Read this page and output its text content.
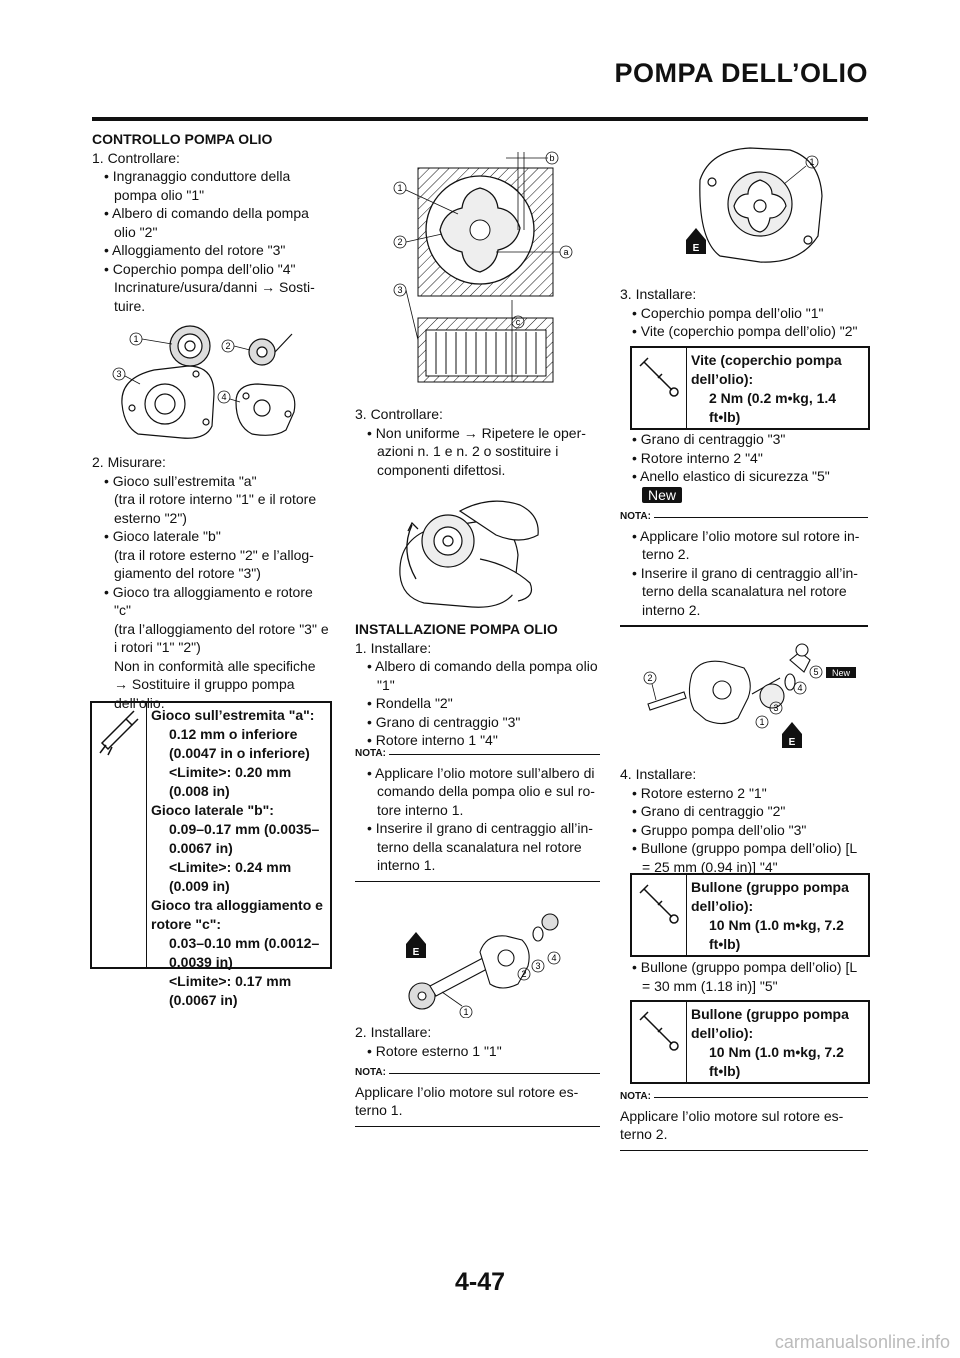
POMPA DELL’OLIO
CONTROLLO POMPA OLIO
1. Controllare:
• Ingranaggio conduttore della pompa olio "1"
• Albero di comando della pompa olio "2"
• Alloggiamento del rotore "3"
• Coperchio pompa dell’olio "4"
Incrinature/usura/danni → Sosti-tuire.
1
2
3
4
2. Misurare:
• Gioco sull’estremita "a"
(tra il rotore interno "1" e il rotore esterno "2")
• Gioco laterale "b"
(tra il rotore esterno "2" e l’allog-giamento del rotore "3")
• Gioco tra alloggiamento e rotore "c"
(tra l’alloggiamento del rotore "3" e i rotori "1" "2")
Non in conformità alle specifiche
→ Sostituire il gruppo pompa dell’olio.
Gioco sull’estremita "a":
0.12 mm o inferiore (0.0047 in o inferiore)
<Limite>: 0.20 mm (0.008 in)
Gioco laterale "b":
0.09–0.17 mm (0.0035–0.0067 in)
<Limite>: 0.24 mm (0.009 in)
Gioco tra alloggiamento e rotore "c":
0.03–0.10 mm (0.0012–0.0039 in)
<Limite>: 0.17 mm (0.0067 in)
1
2
3
b
a
c
3. Controllare:
• Non uniforme → Ripetere le oper-azioni n. 1 e n. 2 o sostituire i componenti difettosi.
INSTALLAZIONE POMPA OLIO
1. Installare:
• Albero di comando della pompa olio "1"
• Rondella "2"
• Grano di centraggio "3"
• Rotore interno 1 "4"
NOTA:
• Applicare l’olio motore sull’albero di comando della pompa olio e sul ro-tore interno 1.
• Inserire il grano di centraggio all’in-terno della scanalatura nel rotore interno 1.
E
1
2
3
4
2. Installare:
• Rotore esterno 1 "1"
NOTA:
Applicare l’olio motore sul rotore es-terno 1.
E
1
3. Installare:
• Coperchio pompa dell’olio "1"
• Vite (coperchio pompa dell’olio) "2"
Vite (coperchio pompa dell’olio):
2 Nm (0.2 m•kg, 1.4 ft•lb)
• Grano di centraggio "3"
• Rotore interno 2 "4"
• Anello elastico di sicurezza "5"
New
NOTA:
• Applicare l’olio motore sul rotore in-terno 2.
• Inserire il grano di centraggio all’in-terno della scanalatura nel rotore interno 2.
E
New
2
1
3
4
5
4. Installare:
• Rotore esterno 2 "1"
• Grano di centraggio "2"
• Gruppo pompa dell’olio "3"
• Bullone (gruppo pompa dell’olio) [L = 25 mm (0.94 in)] "4"
Bullone (gruppo pompa dell’olio):
10 Nm (1.0 m•kg, 7.2 ft•lb)
• Bullone (gruppo pompa dell’olio) [L = 30 mm (1.18 in)] "5"
Bullone (gruppo pompa dell’olio):
10 Nm (1.0 m•kg, 7.2 ft•lb)
NOTA:
Applicare l’olio motore sul rotore es-terno 2.
4-47
carmanualsonline.info
